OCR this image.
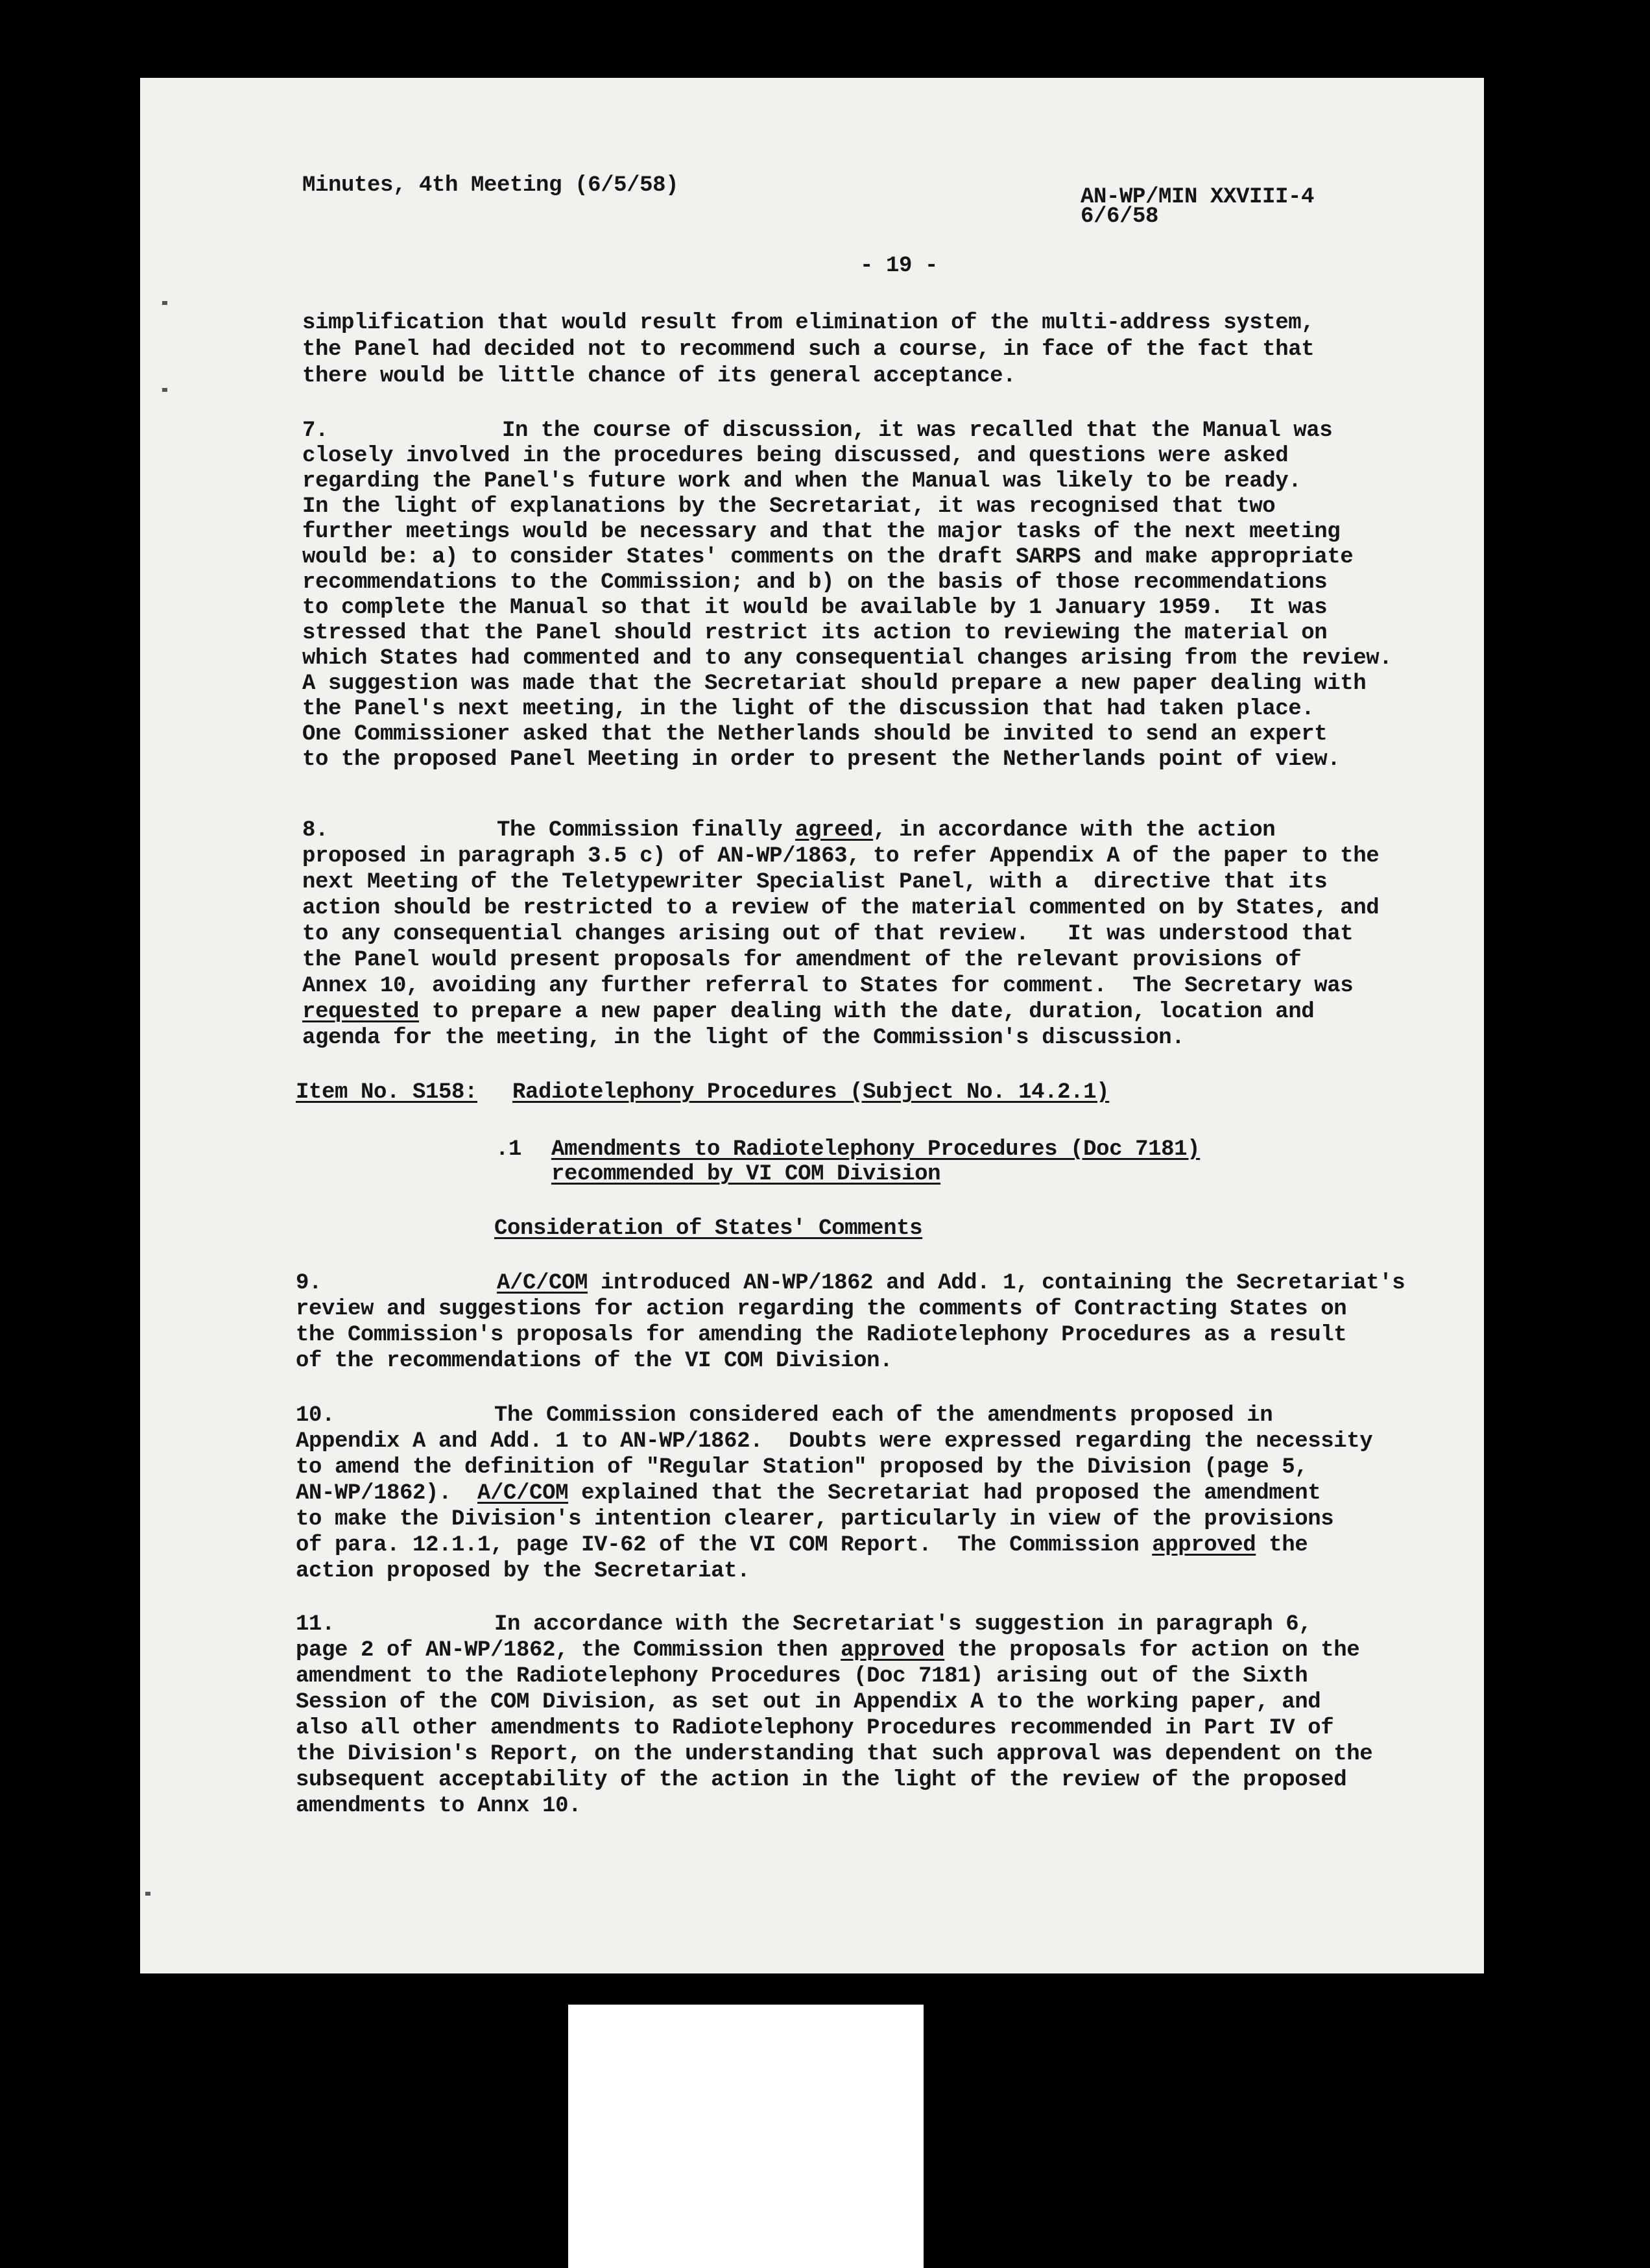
Minutes, 4th Meeting (6/5/58)	AN-WP/MIN XXVIII-4

6/6/58

- 19 -

simplification that would result from elimination of the multi-address system,

the Panel had decided not to recommend such a course, in face of the fact that

there would be little chance of its general acceptance.

7.	In the course of discussion, it was recalled that the Manual was

closely involved in the procedures being discussed, and questions were asked

regarding the Panel's future work and when the Manual was likely to be ready.

In the light of explanations by the Secretariat, it was recognised that two

further meetings would be necessary and that the major tasks of the next meeting

would be: a) to consider States' comments on the draft SARPS and make appropriate

recommendations to the Commission; and b) on the basis of those recommendations

to complete the Manual so that it would be available by 1 January 1959.  It was

stressed that the Panel should restrict its action to reviewing the material on

which States had commented and to any consequential changes arising from the review.

A suggestion was made that the Secretariat should prepare a new paper dealing with

the Panel's next meeting, in the light of the discussion that had taken place.

One Commissioner asked that the Netherlands should be invited to send an expert

to the proposed Panel Meeting in order to present the Netherlands point of view.

8.	The Commission finally agreed, in accordance with the action

proposed in paragraph 3.5 c) of AN-WP/1863, to refer Appendix A of the paper to the

next Meeting of the Teletypewriter Specialist Panel, with a  directive that its

action should be restricted to a review of the material commented on by States, and

to any consequential changes arising out of that review.   It was understood that

the Panel would present proposals for amendment of the relevant provisions of

Annex 10, avoiding any further referral to States for comment.  The Secretary was

requested to prepare a new paper dealing with the date, duration, location and

agenda for the meeting, in the light of the Commission's discussion.

Item No. S158: Radiotelephony Procedures (Subject No. 14.2.1)

.1 Amendments to Radiotelephony Procedures (Doc 7181)

recommended by VI COM Division

Consideration of States' Comments

9.	A/C/COM introduced AN-WP/1862 and Add. 1, containing the Secretariat's

review and suggestions for action regarding the comments of Contracting States on

the Commission's proposals for amending the Radiotelephony Procedures as a result

of the recommendations of the VI COM Division.

10.	The Commission considered each of the amendments proposed in

Appendix A and Add. 1 to AN-WP/1862.  Doubts were expressed regarding the necessity

to amend the definition of "Regular Station" proposed by the Division (page 5,

AN-WP/1862).  A/C/COM explained that the Secretariat had proposed the amendment

to make the Division's intention clearer, particularly in view of the provisions

of para. 12.1.1, page IV-62 of the VI COM Report.  The Commission approved the

action proposed by the Secretariat.

11.	In accordance with the Secretariat's suggestion in paragraph 6,

page 2 of AN-WP/1862, the Commission then approved the proposals for action on the

amendment to the Radiotelephony Procedures (Doc 7181) arising out of the Sixth

Session of the COM Division, as set out in Appendix A to the working paper, and

also all other amendments to Radiotelephony Procedures recommended in Part IV of

the Division's Report, on the understanding that such approval was dependent on the

subsequent acceptability of the action in the light of the review of the proposed

amendments to Annx 10.
